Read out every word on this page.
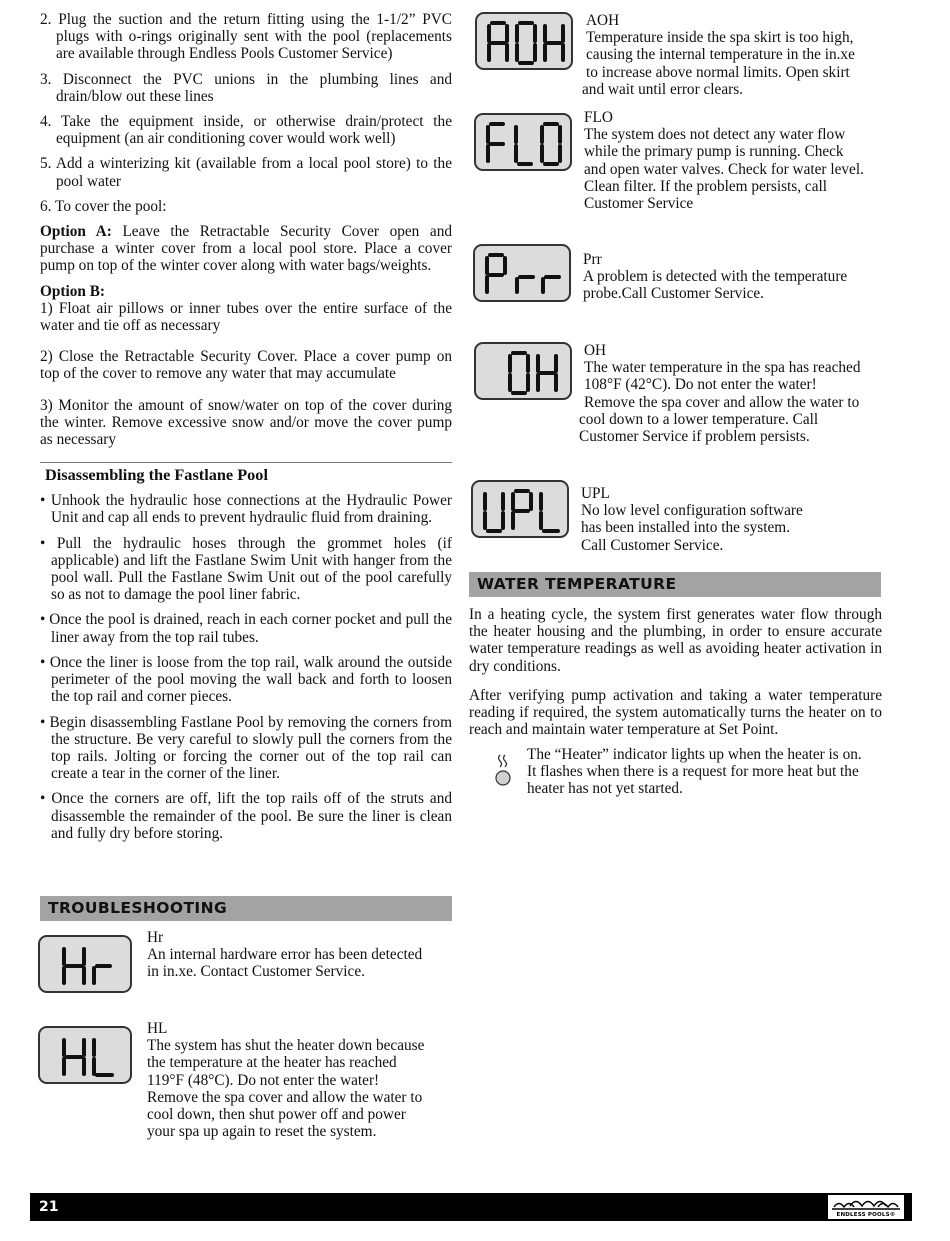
2. Plug the suction and the return fitting using the 1-1/2” PVC plugs with o-rings originally sent with the pool (replacements are available through Endless Pools Customer Service)

3. Disconnect the PVC unions in the plumbing lines and drain/blow out these lines

4. Take the equipment inside, or otherwise drain/protect the equipment (an air conditioning cover would work well)

5. Add a winterizing kit (available from a local pool store) to the pool water

6. To cover the pool:

Option A: Leave the Retractable Security Cover open and purchase a winter cover from a local pool store. Place a cover pump on top of the winter cover along with water bags/weights.

Option B:

1) Float air pillows or inner tubes over the entire surface of the water and tie off as necessary

2) Close the Retractable Security Cover. Place a cover pump on top of the cover to remove any water that may accumulate

3) Monitor the amount of snow/water on top of the cover during the winter. Remove excessive snow and/or move the cover pump as necessary

Disassembling the Fastlane Pool

• Unhook the hydraulic hose connections at the Hydraulic Power Unit and cap all ends to prevent hydraulic fluid from draining.

• Pull the hydraulic hoses through the grommet holes (if applicable) and lift the Fastlane Swim Unit with hanger from the pool wall. Pull the Fastlane Swim Unit out of the pool carefully so as not to damage the pool liner fabric.

• Once the pool is drained, reach in each corner pocket and pull the liner away from the top rail tubes.

• Once the liner is loose from the top rail, walk around the outside perimeter of the pool moving the wall back and forth to loosen the top rail and corner pieces.

• Begin disassembling Fastlane Pool by removing the corners from the structure. Be very careful to slowly pull the corners from the top rails. Jolting or forcing the corner out of the top rail can create a tear in the corner of the liner.

• Once the corners are off, lift the top rails off of the struts and disassemble the remainder of the pool. Be sure the liner is clean and fully dry before storing.

TROUBLESHOOTING

Hr

An internal hardware error has been detected

in in.xe. Contact Customer Service.

HL

The system has shut the heater down because

the temperature at the heater has reached

119°F (48°C). Do not enter the water!

Remove the spa cover and allow the water to

cool down, then shut power off and power

your spa up again to reset the system.

AOH

Temperature inside the spa skirt is too high,

causing the internal temperature in the in.xe

to increase above normal limits. Open skirt

and wait until error clears.

FLO

The system does not detect any water flow

while the primary pump is running. Check

and open water valves. Check for water level.

Clean filter. If the problem persists, call

Customer Service

Prr

A problem is detected with the temperature

probe.Call Customer Service.

OH

The water temperature in the spa has reached

108°F (42°C). Do not enter the water!

Remove the spa cover and allow the water to

cool down to a lower temperature. Call

Customer Service if problem persists.

UPL

No low level configuration software

has been installed into the system.

Call Customer Service.

WATER TEMPERATURE

In a heating cycle, the system first generates water flow through the heater housing and the plumbing, in order to ensure accurate water temperature readings as well as avoiding heater activation in dry conditions.

After verifying pump activation and taking a water temperature reading if required, the system automatically turns the heater on to reach and maintain water temperature at Set Point.

The “Heater” indicator lights up when the heater is on.

It flashes when there is a request for more heat but the

heater has not yet started.

21	ENDLESS POOLS®
